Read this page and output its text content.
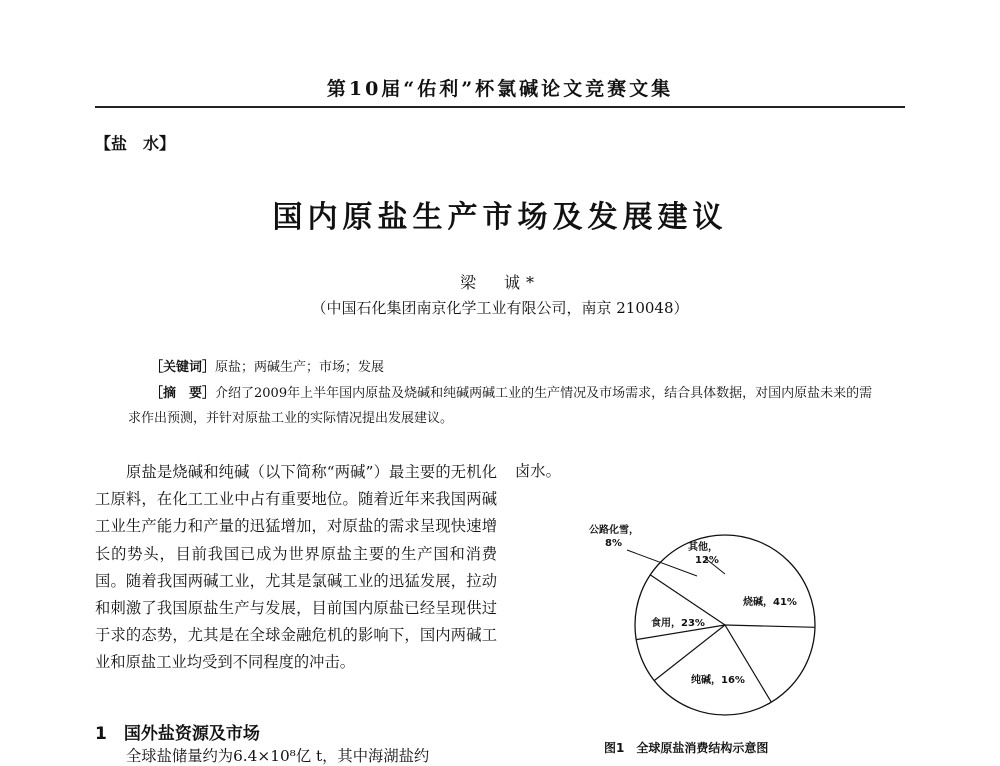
第10届“佑利”杯氯碱论文竞赛文集
【盐　水】
国内原盐生产市场及发展建议
梁　诚*
（中国石化集团南京化学工业有限公司，南京 210048）
［关键词］原盐；两碱生产；市场；发展
［摘　要］介绍了2009年上半年国内原盐及烧碱和纯碱两碱工业的生产情况及市场需求，结合具体数据，对国内原盐未来的需求作出预测，并针对原盐工业的实际情况提出发展建议。
原盐是烧碱和纯碱（以下简称“两碱”）最主要的无机化工原料，在化工工业中占有重要地位。随着近年来我国两碱工业生产能力和产量的迅猛增加，对原盐的需求呈现快速增长的势头，目前我国已成为世界原盐主要的生产国和消费国。随着我国两碱工业，尤其是氯碱工业的迅猛发展，拉动和刺激了我国原盐生产与发展，目前国内原盐已经呈现供过于求的态势，尤其是在全球金融危机的影响下，国内两碱工业和原盐工业均受到不同程度的冲击。
卤水。
1　国外盐资源及市场
全球盐储量约为6.4×10⁸亿 t，其中海湖盐约
烧碱，41%
纯碱，16%
食用，23%
公路化雪，
8%	其他，
12%
图1　全球原盐消费结构示意图
